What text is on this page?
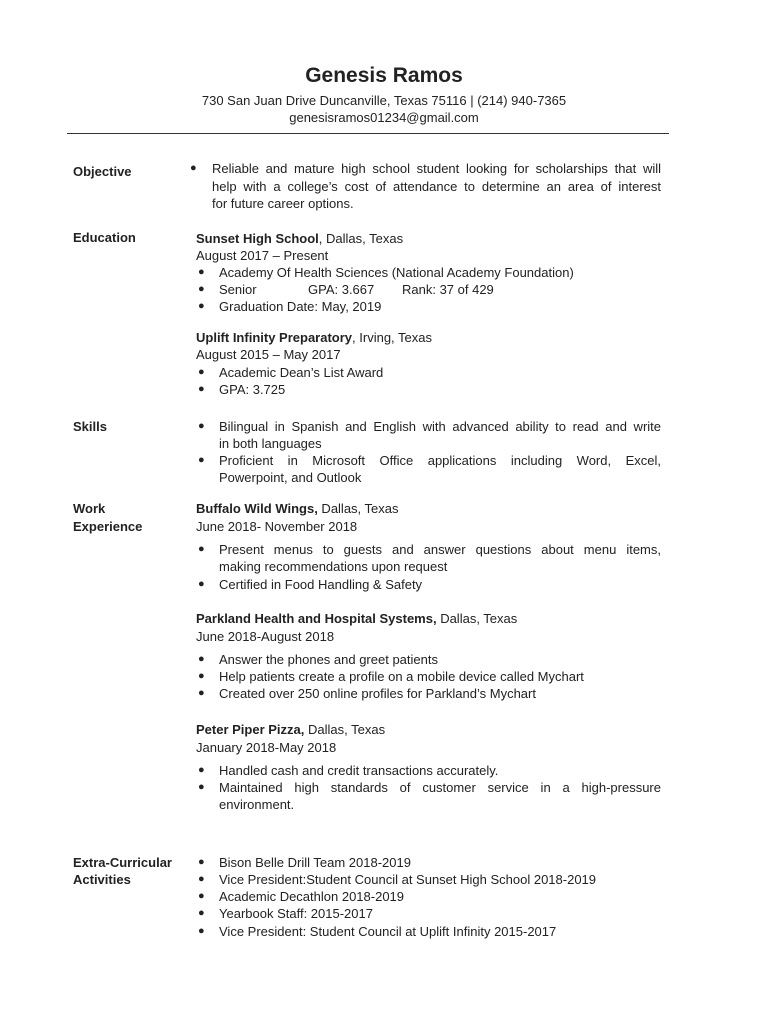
Genesis Ramos
730 San Juan Drive Duncanville, Texas 75116 | (214) 940-7365
genesisramos01234@gmail.com
Objective	● Reliable and mature high school student looking for scholarships that will
help with a college’s cost of attendance to determine an area of interest
for future career options.
Education	Sunset High School, Dallas, Texas
August 2017 – Present
● Academy Of Health Sciences (National Academy Foundation)
● Senior	GPA: 3.667 Rank: 37 of 429
● Graduation Date: May, 2019
Uplift Infinity Preparatory, Irving, Texas
August 2015 – May 2017
● Academic Dean’s List Award
● GPA: 3.725
Skills	● Bilingual in Spanish and English with advanced ability to read and write
in both languages
● Proficient in Microsoft Office applications including Word, Excel,
Powerpoint, and Outlook
Work
Experience
Buffalo Wild Wings, Dallas, Texas
June 2018- November 2018
● Present menus to guests and answer questions about menu items,
making recommendations upon request
● Certified in Food Handling & Safety
Parkland Health and Hospital Systems, Dallas, Texas
June 2018-August 2018
● Answer the phones and greet patients
● Help patients create a profile on a mobile device called Mychart
● Created over 250 online profiles for Parkland’s Mychart
Peter Piper Pizza, Dallas, Texas
January 2018-May 2018
● Handled cash and credit transactions accurately.
● Maintained high standards of customer service in a high-pressure
environment.
Extra-Curricular
Activities
● Bison Belle Drill Team 2018-2019
● Vice President:Student Council at Sunset High School 2018-2019
● Academic Decathlon 2018-2019
● Yearbook Staff: 2015-2017
● Vice President: Student Council at Uplift Infinity 2015-2017
